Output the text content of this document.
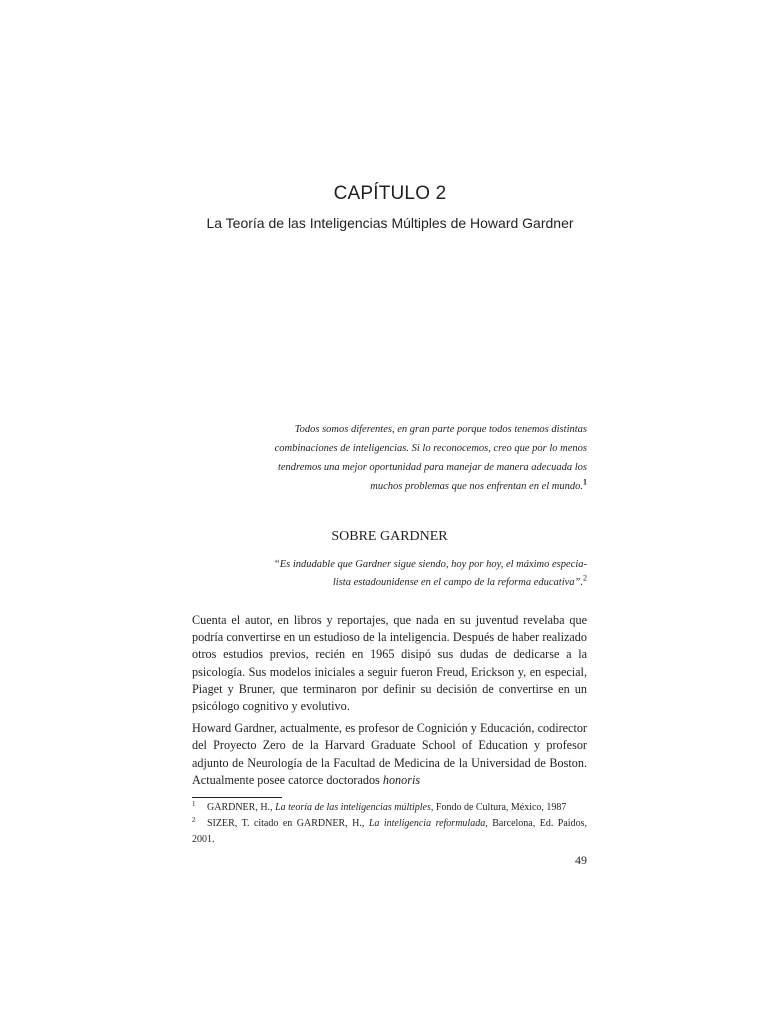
CAPÍTULO 2
La Teoría de las Inteligencias Múltiples de Howard Gardner

Todos somos diferentes, en gran parte porque todos tenemos distintas

combinaciones de inteligencias. Si lo reconocemos, creo que por lo menos

tendremos una mejor oportunidad para manejar de manera adecuada los

muchos problemas que nos enfrentan en el mundo.$^1$

SOBRE GARDNER

“Es indudable que Gardner sigue siendo, hoy por hoy, el máximo especia-

lista estadounidense en el campo de la reforma educativa”.$^2$

Cuenta el autor, en libros y reportajes, que nada en su juventud revelaba que podría convertirse en un estudioso de la inteligencia. Después de haber realizado otros estudios previos, recién en 1965 disipó sus dudas de dedicarse a la psicología. Sus modelos iniciales a seguir fueron Freud, Erickson y, en especial, Piaget y Bruner, que terminaron por definir su decisión de convertirse en un psicólogo cognitivo y evolutivo.

Howard Gardner, actualmente, es profesor de Cognición y Educación, codirector del Proyecto Zero de la Harvard Graduate School of Education y profesor adjunto de Neurología de la Facultad de Medicina de la Universidad de Boston. Actualmente posee catorce doctorados honoris

1 GARDNER, H., La teoría de las inteligencias múltiples, Fondo de Cultura, México, 1987

2 SIZER, T. citado en GARDNER, H., La inteligencia reformulada, Barcelona, Ed. Paidos, 2001.

49
